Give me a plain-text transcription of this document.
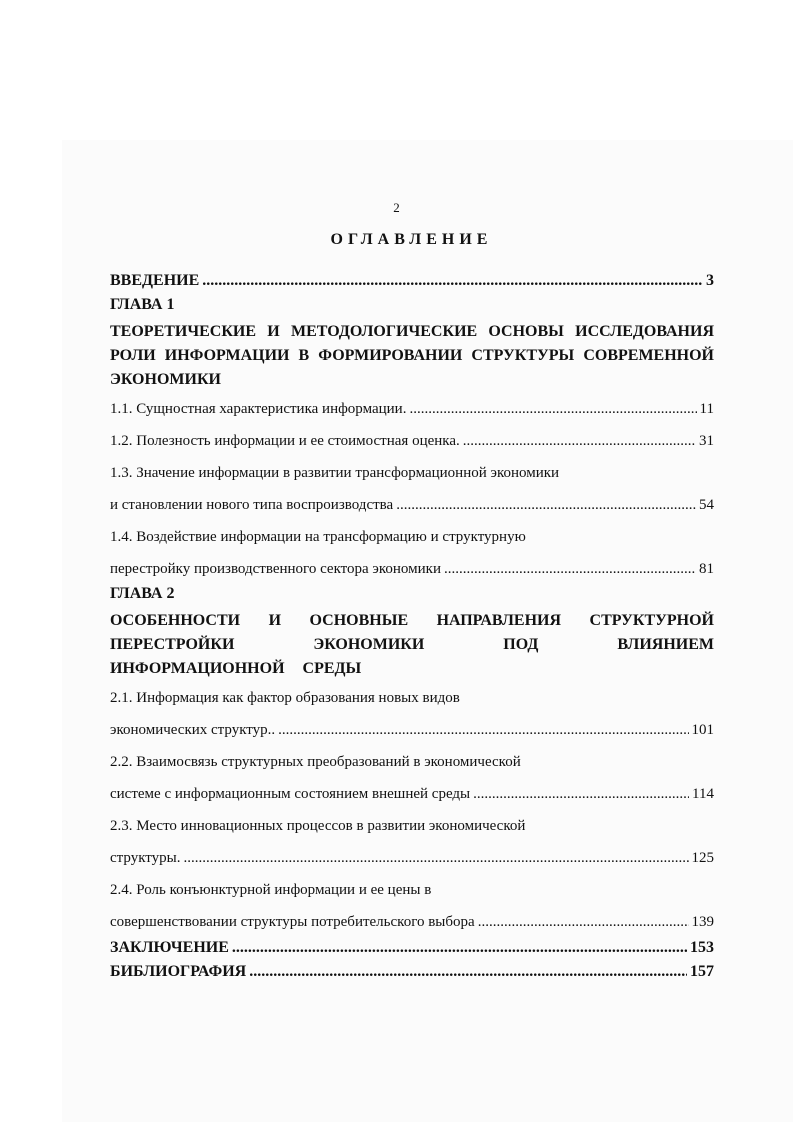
2
ОГЛАВЛЕНИЕ
ВВЕДЕНИЕ .....	3
ГЛАВА 1
ТЕОРЕТИЧЕСКИЕ И МЕТОДОЛОГИЧЕСКИЕ ОСНОВЫ ИССЛЕДОВАНИЯ РОЛИ ИНФОРМАЦИИ В ФОРМИРОВАНИИ СТРУКТУРЫ СОВРЕМЕННОЙ ЭКОНОМИКИ
1.1. Сущностная характеристика информации. .....	11
1.2. Полезность информации и ее стоимостная оценка. .....	31
1.3. Значение информации в развитии трансформационной экономики
и становлении нового типа воспроизводства .....	54
1.4. Воздействие информации на трансформацию и структурную
перестройку производственного сектора экономики .....	81
ГЛАВА 2
ОСОБЕННОСТИ И ОСНОВНЫЕ НАПРАВЛЕНИЯ СТРУКТУРНОЙ ПЕРЕСТРОЙКИ ЭКОНОМИКИ ПОД ВЛИЯНИЕМ ИНФОРМАЦИОННОЙ СРЕДЫ
2.1. Информация как фактор образования новых видов
экономических структур.. .....	101
2.2. Взаимосвязь структурных преобразований в экономической
системе с информационным состоянием внешней среды .....	114
2.3. Место инновационных процессов в развитии экономической
структуры. .....	125
2.4. Роль конъюнктурной информации и ее цены в
совершенствовании структуры потребительского выбора .....	139
ЗАКЛЮЧЕНИЕ .....	153
БИБЛИОГРАФИЯ .....	157
